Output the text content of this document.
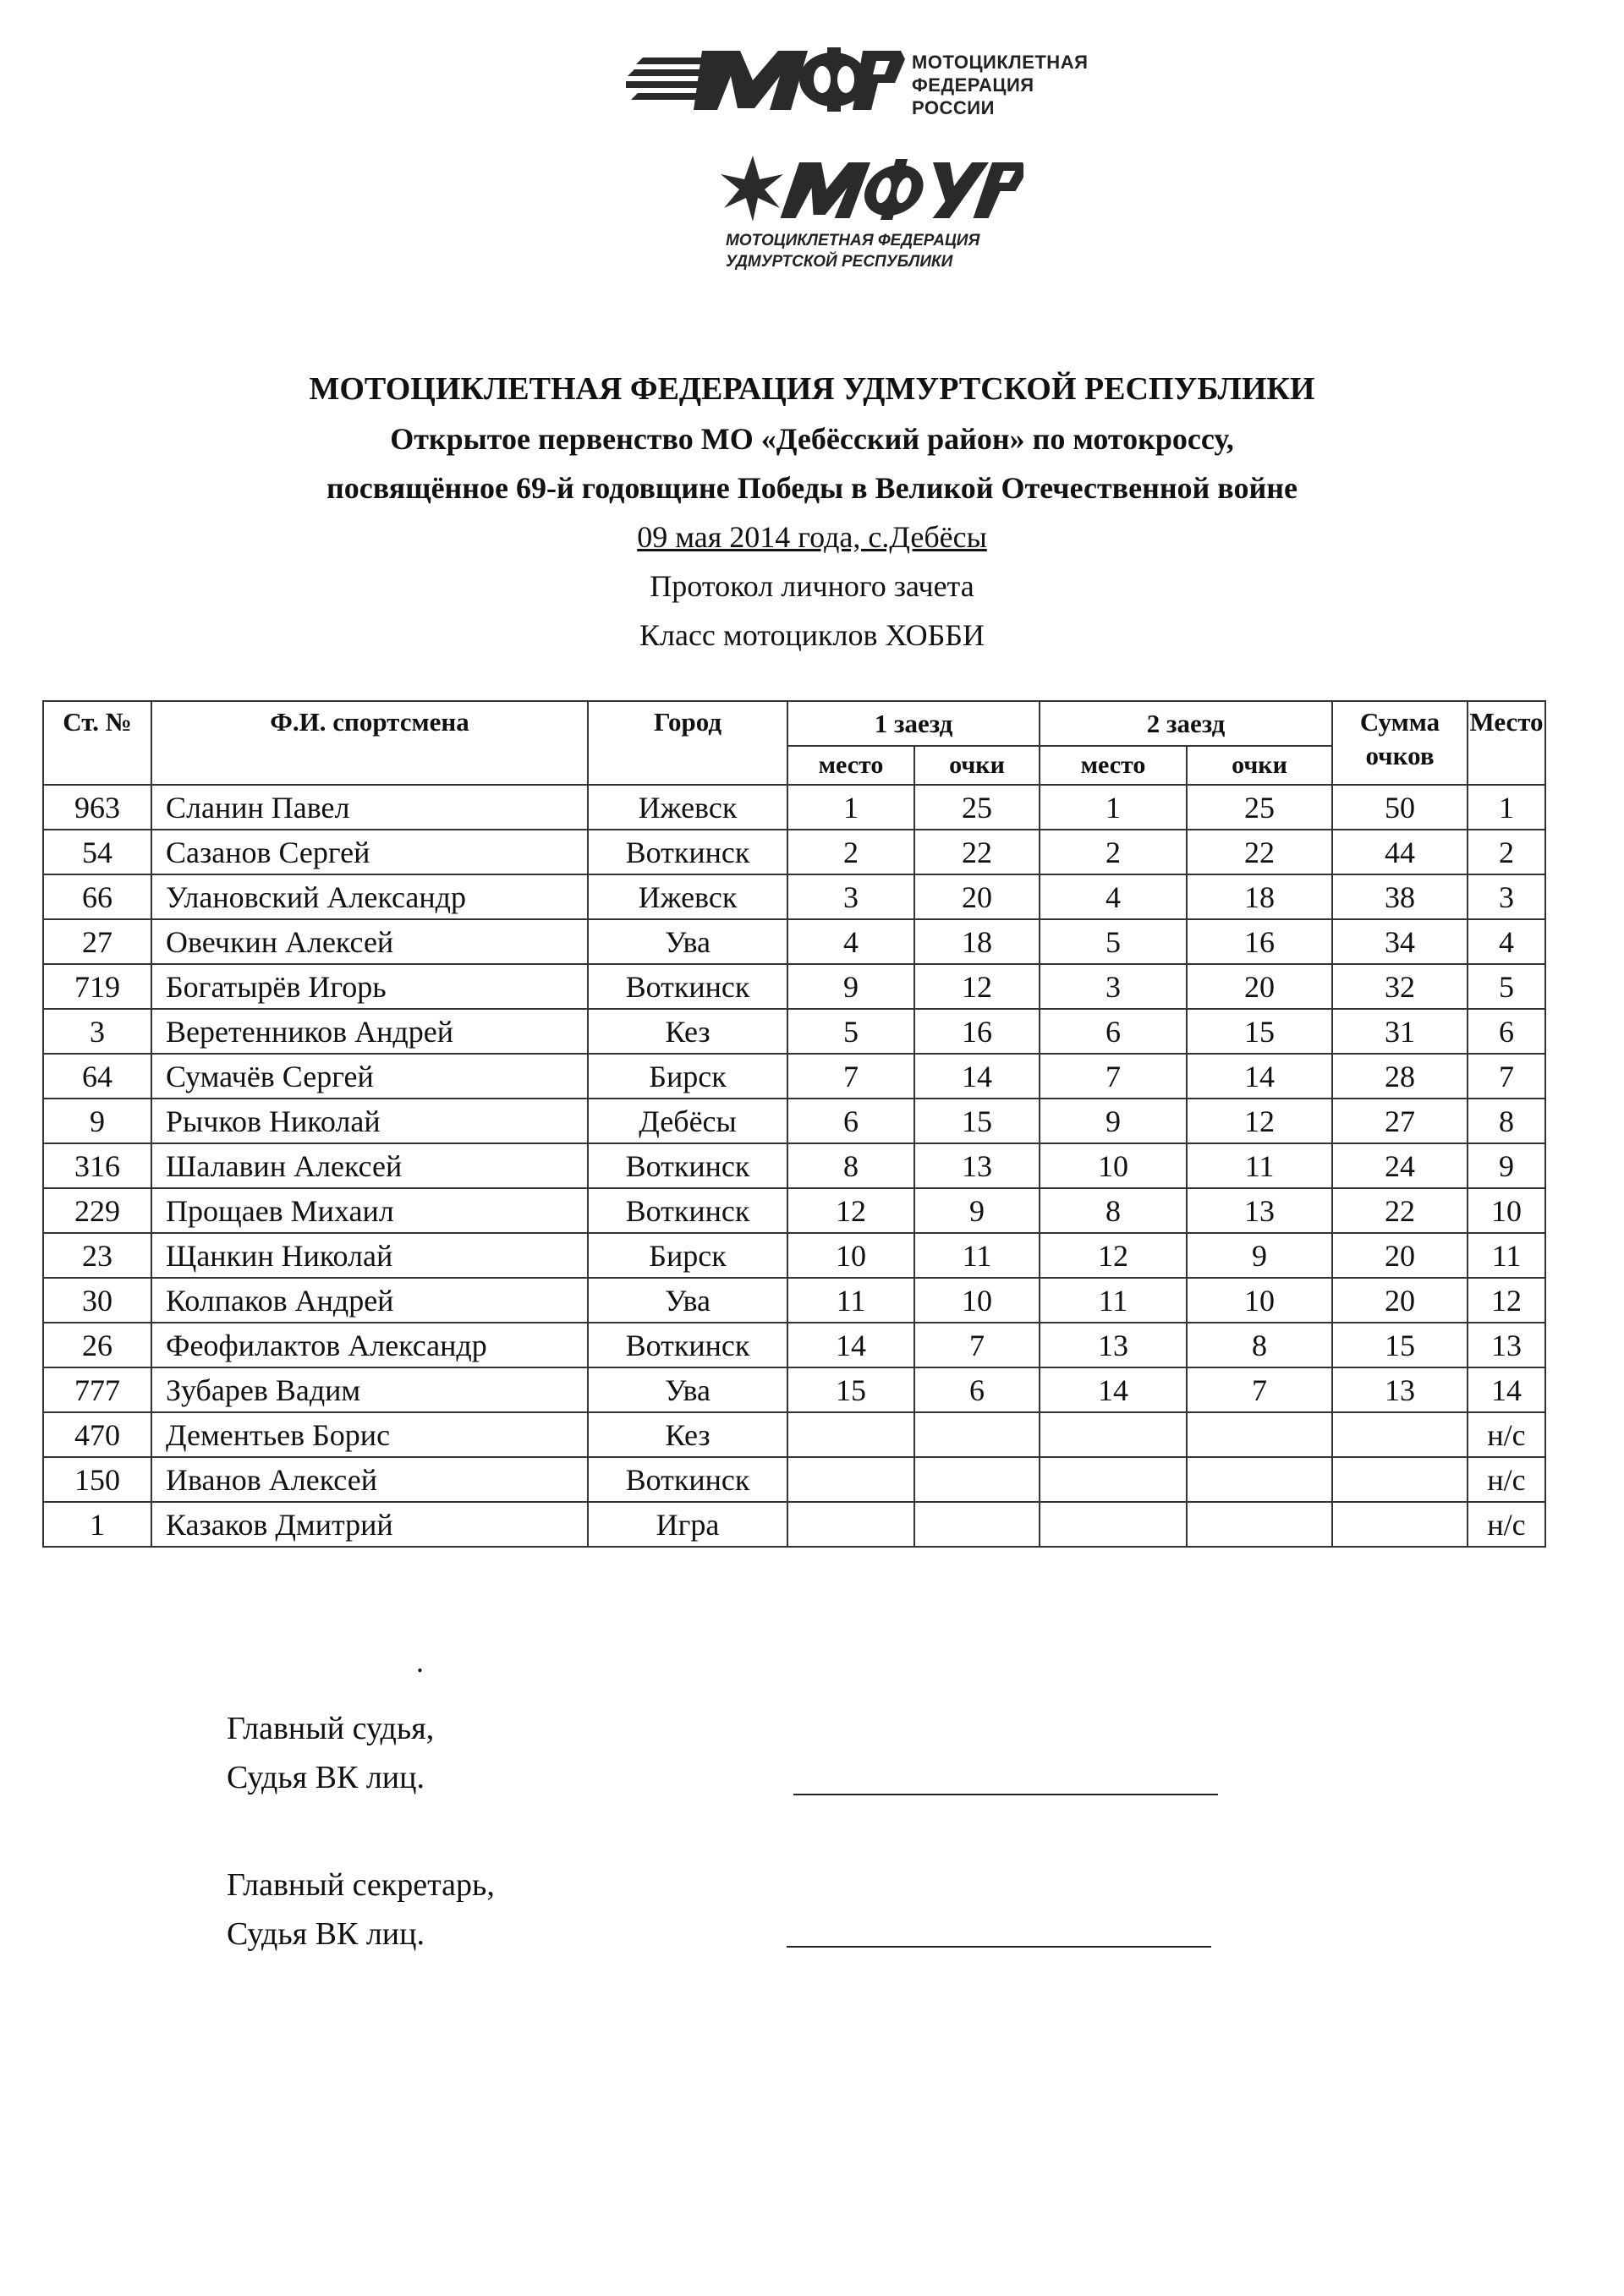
МОТОЦИКЛЕТНАЯ
ФЕДЕРАЦИЯ
РОССИИ
МОТОЦИКЛЕТНАЯ ФЕДЕРАЦИЯ
УДМУРТСКОЙ РЕСПУБЛИКИ

МОТОЦИКЛЕТНАЯ ФЕДЕРАЦИЯ УДМУРТСКОЙ РЕСПУБЛИКИ

Открытое первенство МО «Дебёсский район» по мотокроссу,

посвящённое 69-й годовщине Победы в Великой Отечественной войне

09 мая 2014 года, с.Дебёсы

Протокол личного зачета

Класс мотоциклов ХОББИ

Ст. №	Ф.И. спортсмена	Город	1 заезд		2 заезд		Сумма очков	Место
			место	очки	место	очки		
963	Сланин Павел	Ижевск	1	25	1	25	50	1
54	Сазанов Сергей	Воткинск	2	22	2	22	44	2
66	Улановский Александр	Ижевск	3	20	4	18	38	3
27	Овечкин Алексей	Ува	4	18	5	16	34	4
719	Богатырёв Игорь	Воткинск	9	12	3	20	32	5
3	Веретенников Андрей	Кез	5	16	6	15	31	6
64	Сумачёв Сергей	Бирск	7	14	7	14	28	7
9	Рычков Николай	Дебёсы	6	15	9	12	27	8
316	Шалавин Алексей	Воткинск	8	13	10	11	24	9
229	Прощаев Михаил	Воткинск	12	9	8	13	22	10
23	Щанкин Николай	Бирск	10	11	12	9	20	11
30	Колпаков Андрей	Ува	11	10	11	10	20	12
26	Феофилактов Александр	Воткинск	14	7	13	8	15	13
777	Зубарев Вадим	Ува	15	6	14	7	13	14
470	Дементьев Борис	Кез						н/с
150	Иванов Алексей	Воткинск						н/с
1	Казаков Дмитрий	Игра						н/с
.
Главный судья,
Судья ВК лиц.
Главный секретарь,
Судья ВК лиц.
